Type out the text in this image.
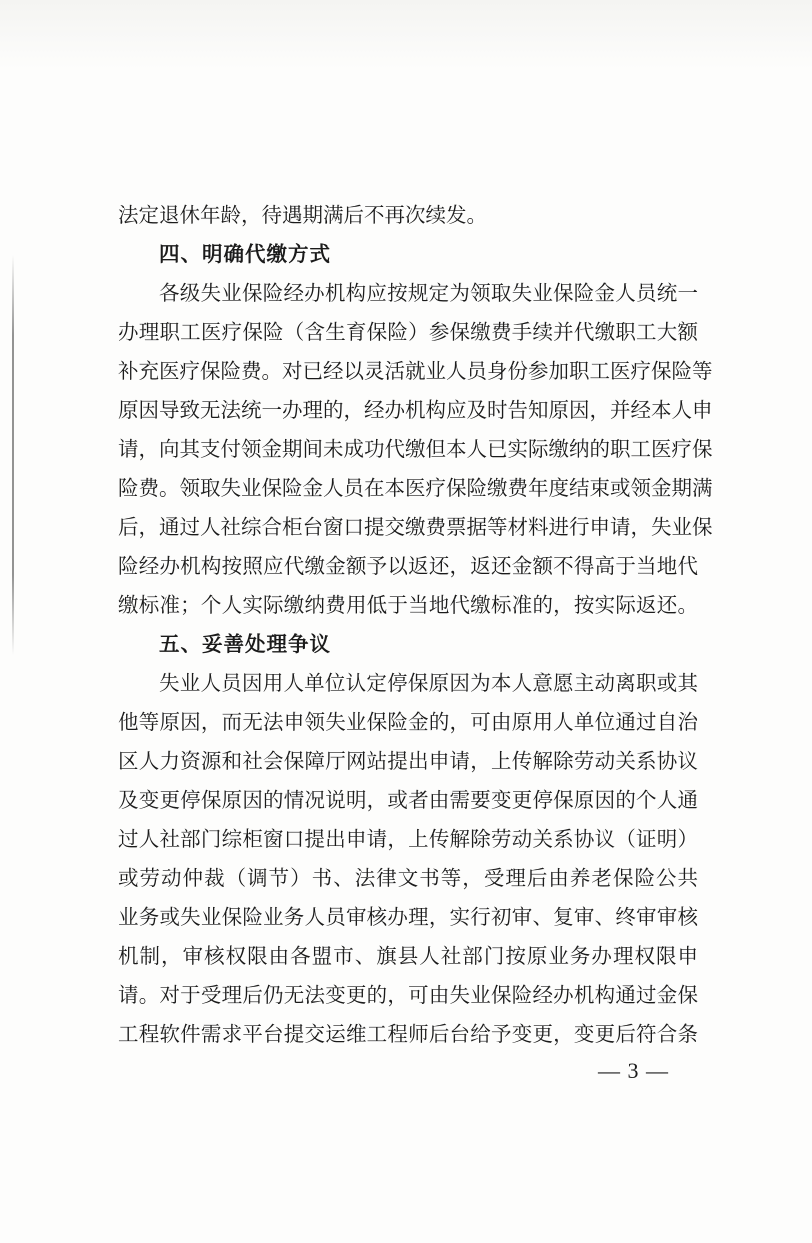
法定退休年龄，待遇期满后不再次续发。
四、明确代缴方式
各级失业保险经办机构应按规定为领取失业保险金人员统一
办理职工医疗保险（含生育保险）参保缴费手续并代缴职工大额
补充医疗保险费。对已经以灵活就业人员身份参加职工医疗保险等
原因导致无法统一办理的，经办机构应及时告知原因，并经本人申
请，向其支付领金期间未成功代缴但本人已实际缴纳的职工医疗保
险费。领取失业保险金人员在本医疗保险缴费年度结束或领金期满
后，通过人社综合柜台窗口提交缴费票据等材料进行申请，失业保
险经办机构按照应代缴金额予以返还，返还金额不得高于当地代
缴标准；个人实际缴纳费用低于当地代缴标准的，按实际返还。
五、妥善处理争议
失业人员因用人单位认定停保原因为本人意愿主动离职或其
他等原因，而无法申领失业保险金的，可由原用人单位通过自治
区人力资源和社会保障厅网站提出申请，上传解除劳动关系协议
及变更停保原因的情况说明，或者由需要变更停保原因的个人通
过人社部门综柜窗口提出申请，上传解除劳动关系协议（证明）
或劳动仲裁（调节）书、法律文书等，受理后由养老保险公共
业务或失业保险业务人员审核办理，实行初审、复审、终审审核
机制，审核权限由各盟市、旗县人社部门按原业务办理权限申
请。对于受理后仍无法变更的，可由失业保险经办机构通过金保
工程软件需求平台提交运维工程师后台给予变更，变更后符合条
— 3 —
